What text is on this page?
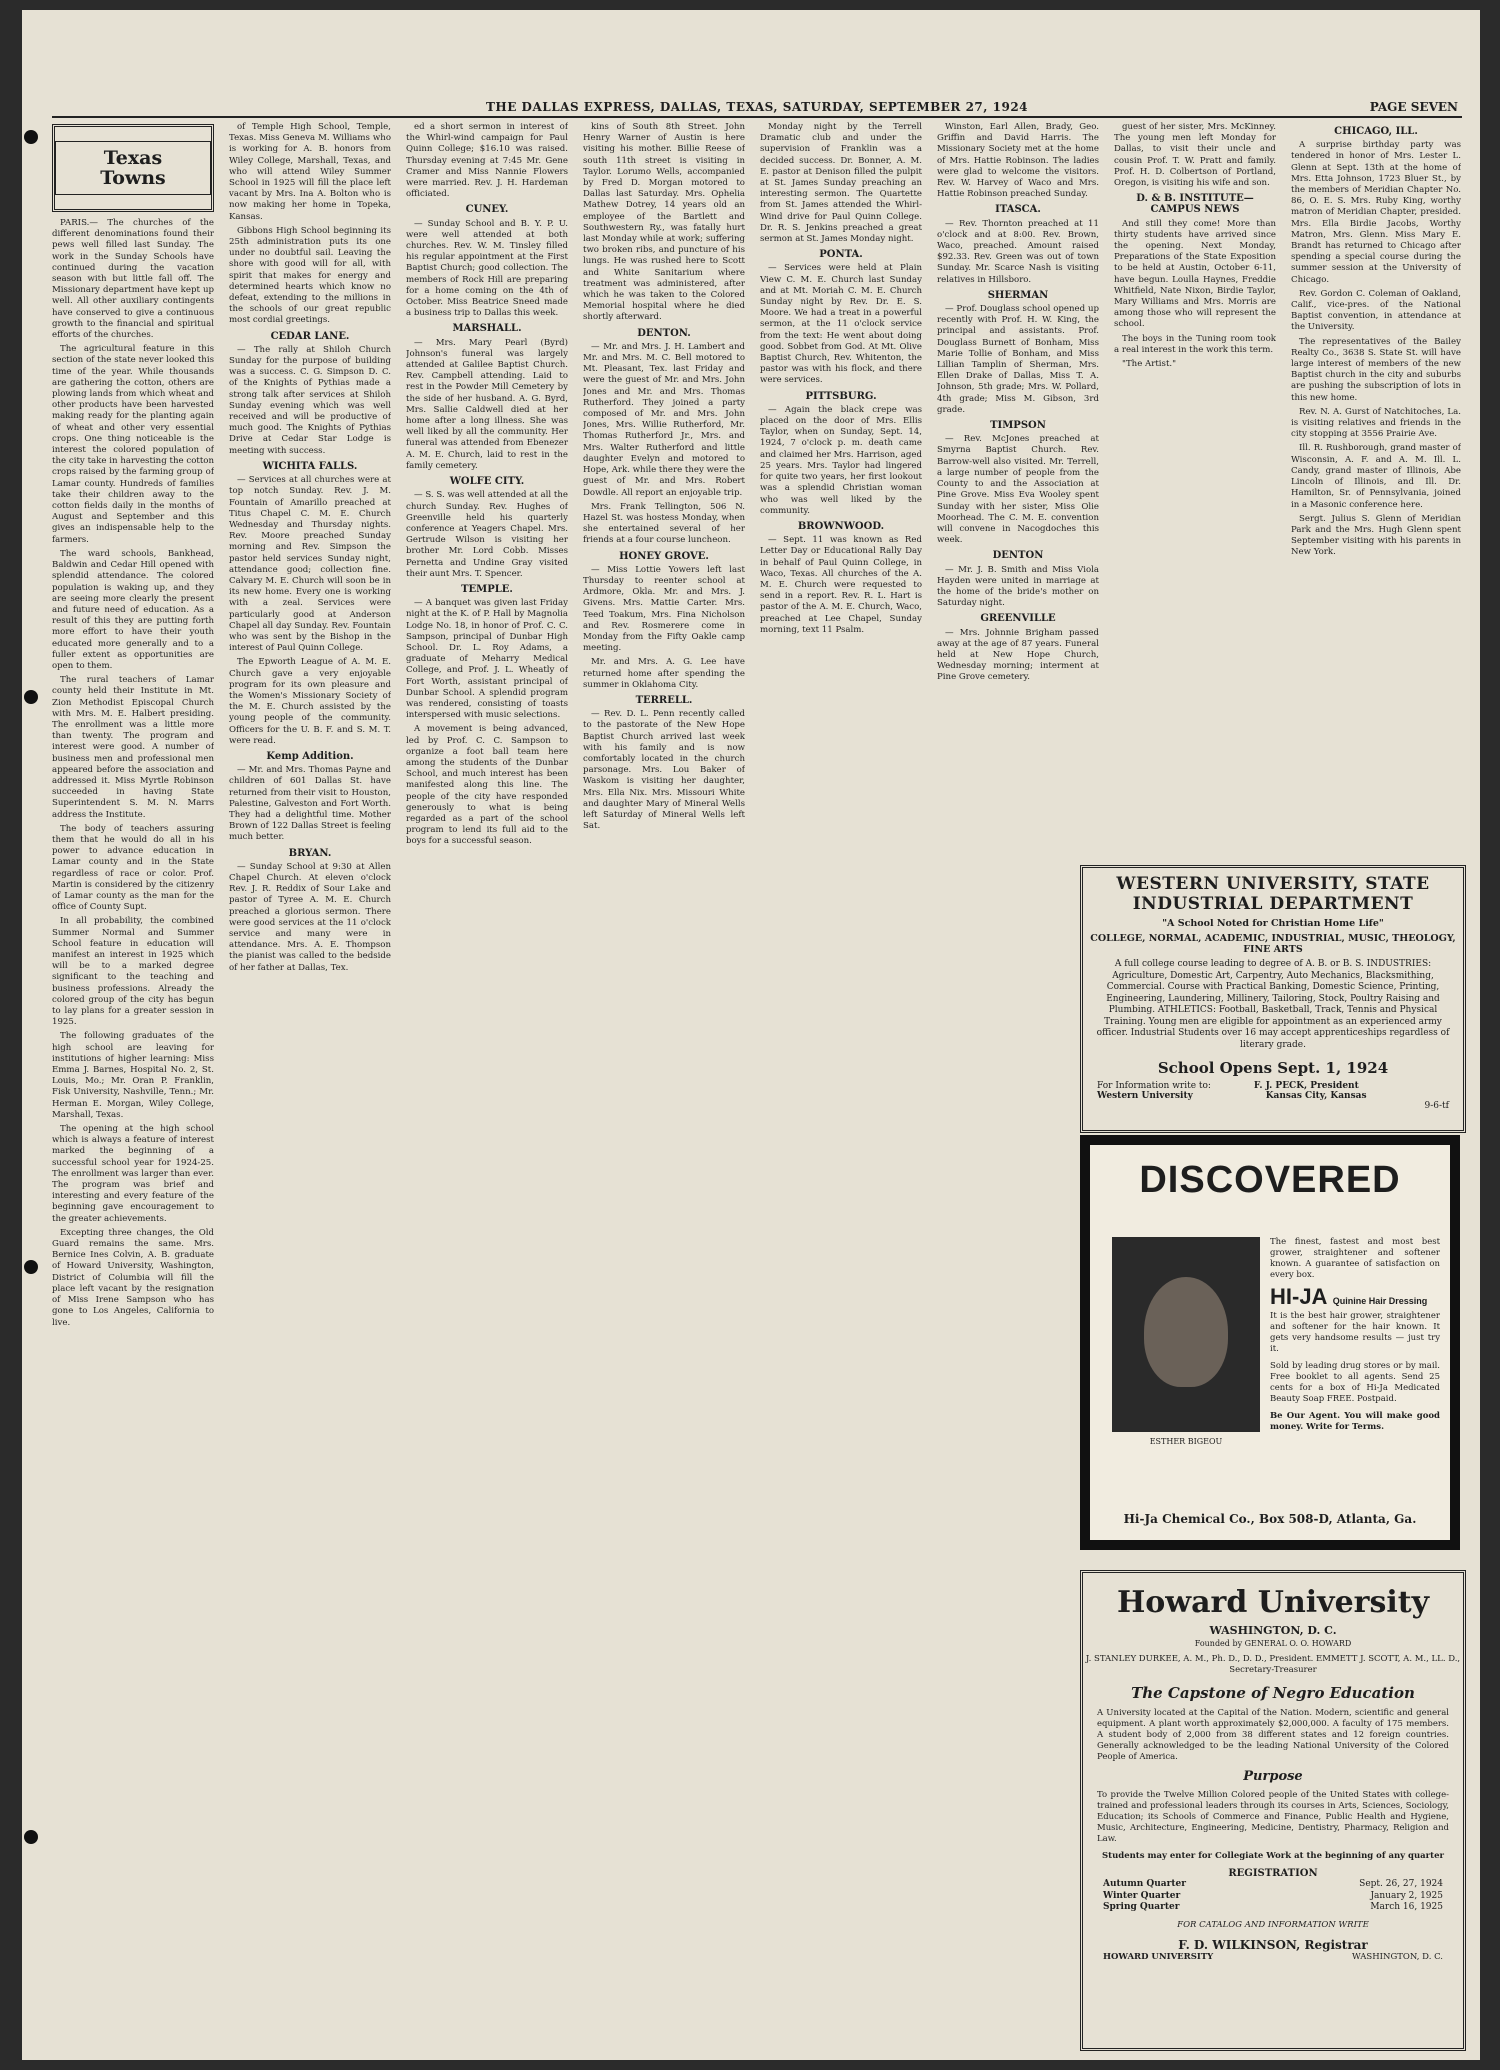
THE DALLAS EXPRESS, DALLAS, TEXAS, SATURDAY, SEPTEMBER 27, 1924	PAGE SEVEN
Texas Towns

PARIS.— The churches of the different denominations found their pews well filled last Sunday. The work in the Sunday Schools have continued during the vacation season with but little fall off. The Missionary department have kept up well. All other auxiliary contingents have conserved to give a continuous growth to the financial and spiritual efforts of the churches.

The agricultural feature in this section of the state never looked this time of the year. While thousands are gathering the cotton, others are plowing lands from which wheat and other products have been harvested making ready for the planting again of wheat and other very essential crops. One thing noticeable is the interest the colored population of the city take in harvesting the cotton crops raised by the farming group of Lamar county. Hundreds of families take their children away to the cotton fields daily in the months of August and September and this gives an indispensable help to the farmers.

The ward schools, Bankhead, Baldwin and Cedar Hill opened with splendid attendance. The colored population is waking up, and they are seeing more clearly the present and future need of education. As a result of this they are putting forth more effort to have their youth educated more generally and to a fuller extent as opportunities are open to them.

The rural teachers of Lamar county held their Institute in Mt. Zion Methodist Episcopal Church with Mrs. M. E. Halbert presiding. The enrollment was a little more than twenty. The program and interest were good. A number of business men and professional men appeared before the association and addressed it. Miss Myrtle Robinson succeeded in having State Superintendent S. M. N. Marrs address the Institute.

The body of teachers assuring them that he would do all in his power to advance education in Lamar county and in the State regardless of race or color. Prof. Martin is considered by the citizenry of Lamar county as the man for the office of County Supt.

In all probability, the combined Summer Normal and Summer School feature in education will manifest an interest in 1925 which will be to a marked degree significant to the teaching and business professions. Already the colored group of the city has begun to lay plans for a greater session in 1925.

The following graduates of the high school are leaving for institutions of higher learning: Miss Emma J. Barnes, Hospital No. 2, St. Louis, Mo.; Mr. Oran P. Franklin, Fisk University, Nashville, Tenn.; Mr. Herman E. Morgan, Wiley College, Marshall, Texas.

The opening at the high school which is always a feature of interest marked the beginning of a successful school year for 1924-25. The enrollment was larger than ever. The program was brief and interesting and every feature of the beginning gave encouragement to the greater achievements.

Excepting three changes, the Old Guard remains the same. Mrs. Bernice Ines Colvin, A. B. graduate of Howard University, Washington, District of Columbia will fill the place left vacant by the resignation of Miss Irene Sampson who has gone to Los Angeles, California to live.

of Temple High School, Temple, Texas. Miss Geneva M. Williams who is working for A. B. honors from Wiley College, Marshall, Texas, and who will attend Wiley Summer School in 1925 will fill the place left vacant by Mrs. Ina A. Bolton who is now making her home in Topeka, Kansas.

Gibbons High School beginning its 25th administration puts its one under no doubtful sail. Leaving the shore with good will for all, with spirit that makes for energy and determined hearts which know no defeat, extending to the millions in the schools of our great republic most cordial greetings.

CEDAR LANE.

— The rally at Shiloh Church Sunday for the purpose of building was a success. C. G. Simpson D. C. of the Knights of Pythias made a strong talk after services at Shiloh Sunday evening which was well received and will be productive of much good. The Knights of Pythias Drive at Cedar Star Lodge is meeting with success.

WICHITA FALLS.

— Services at all churches were at top notch Sunday. Rev. J. M. Fountain of Amarillo preached at Titus Chapel C. M. E. Church Wednesday and Thursday nights. Rev. Moore preached Sunday morning and Rev. Simpson the pastor held services Sunday night, attendance good; collection fine. Calvary M. E. Church will soon be in its new home. Every one is working with a zeal. Services were particularly good at Anderson Chapel all day Sunday. Rev. Fountain who was sent by the Bishop in the interest of Paul Quinn College.

The Epworth League of A. M. E. Church gave a very enjoyable program for its own pleasure and the Women's Missionary Society of the M. E. Church assisted by the young people of the community. Officers for the U. B. F. and S. M. T. were read.

Kemp Addition.

— Mr. and Mrs. Thomas Payne and children of 601 Dallas St. have returned from their visit to Houston, Palestine, Galveston and Fort Worth. They had a delightful time. Mother Brown of 122 Dallas Street is feeling much better.

BRYAN.

— Sunday School at 9:30 at Allen Chapel Church. At eleven o'clock Rev. J. R. Reddix of Sour Lake and pastor of Tyree A. M. E. Church preached a glorious sermon. There were good services at the 11 o'clock service and many were in attendance. Mrs. A. E. Thompson the pianist was called to the bedside of her father at Dallas, Tex.

ed a short sermon in interest of the Whirl-wind campaign for Paul Quinn College; $16.10 was raised. Thursday evening at 7:45 Mr. Gene Cramer and Miss Nannie Flowers were married. Rev. J. H. Hardeman officiated.

CUNEY.

— Sunday School and B. Y. P. U. were well attended at both churches. Rev. W. M. Tinsley filled his regular appointment at the First Baptist Church; good collection. The members of Rock Hill are preparing for a home coming on the 4th of October. Miss Beatrice Sneed made a business trip to Dallas this week.

MARSHALL.

— Mrs. Mary Pearl (Byrd) Johnson's funeral was largely attended at Galilee Baptist Church. Rev. Campbell attending. Laid to rest in the Powder Mill Cemetery by the side of her husband. A. G. Byrd, Mrs. Sallie Caldwell died at her home after a long illness. She was well liked by all the community. Her funeral was attended from Ebenezer A. M. E. Church, laid to rest in the family cemetery.

WOLFE CITY.

— S. S. was well attended at all the church Sunday. Rev. Hughes of Greenville held his quarterly conference at Yeagers Chapel. Mrs. Gertrude Wilson is visiting her brother Mr. Lord Cobb. Misses Pernetta and Undine Gray visited their aunt Mrs. T. Spencer.

TEMPLE.

— A banquet was given last Friday night at the K. of P. Hall by Magnolia Lodge No. 18, in honor of Prof. C. C. Sampson, principal of Dunbar High School. Dr. L. Roy Adams, a graduate of Meharry Medical College, and Prof. J. L. Wheatly of Fort Worth, assistant principal of Dunbar School. A splendid program was rendered, consisting of toasts interspersed with music selections.

A movement is being advanced, led by Prof. C. C. Sampson to organize a foot ball team here among the students of the Dunbar School, and much interest has been manifested along this line. The people of the city have responded generously to what is being regarded as a part of the school program to lend its full aid to the boys for a successful season.

kins of South 8th Street. John Henry Warner of Austin is here visiting his mother. Billie Reese of south 11th street is visiting in Taylor. Lorumo Wells, accompanied by Fred D. Morgan motored to Dallas last Saturday. Mrs. Ophelia Mathew Dotrey, 14 years old an employee of the Bartlett and Southwestern Ry., was fatally hurt last Monday while at work; suffering two broken ribs, and puncture of his lungs. He was rushed here to Scott and White Sanitarium where treatment was administered, after which he was taken to the Colored Memorial hospital where he died shortly afterward.

DENTON.

— Mr. and Mrs. J. H. Lambert and Mr. and Mrs. M. C. Bell motored to Mt. Pleasant, Tex. last Friday and were the guest of Mr. and Mrs. John Jones and Mr. and Mrs. Thomas Rutherford. They joined a party composed of Mr. and Mrs. John Jones, Mrs. Willie Rutherford, Mr. Thomas Rutherford Jr., Mrs. and Mrs. Walter Rutherford and little daughter Evelyn and motored to Hope, Ark. while there they were the guest of Mr. and Mrs. Robert Dowdle. All report an enjoyable trip.

Mrs. Frank Tellington, 506 N. Hazel St. was hostess Monday, when she entertained several of her friends at a four course luncheon.

HONEY GROVE.

— Miss Lottie Yowers left last Thursday to reenter school at Ardmore, Okla. Mr. and Mrs. J. Givens. Mrs. Mattie Carter. Mrs. Teed Toakum, Mrs. Fina Nicholson and Rev. Rosmerere come in Monday from the Fifty Oakle camp meeting.

Mr. and Mrs. A. G. Lee have returned home after spending the summer in Oklahoma City.

TERRELL.

— Rev. D. L. Penn recently called to the pastorate of the New Hope Baptist Church arrived last week with his family and is now comfortably located in the church parsonage. Mrs. Lou Baker of Waskom is visiting her daughter, Mrs. Ella Nix. Mrs. Missouri White and daughter Mary of Mineral Wells left Saturday of Mineral Wells left Sat.

Monday night by the Terrell Dramatic club and under the supervision of Franklin was a decided success. Dr. Bonner, A. M. E. pastor at Denison filled the pulpit at St. James Sunday preaching an interesting sermon. The Quartette from St. James attended the Whirl-Wind drive for Paul Quinn College. Dr. R. S. Jenkins preached a great sermon at St. James Monday night.

PONTA.

— Services were held at Plain View C. M. E. Church last Sunday and at Mt. Moriah C. M. E. Church Sunday night by Rev. Dr. E. S. Moore. We had a treat in a powerful sermon, at the 11 o'clock service from the text: He went about doing good. Sobbet from God. At Mt. Olive Baptist Church, Rev. Whitenton, the pastor was with his flock, and there were services.

PITTSBURG.

— Again the black crepe was placed on the door of Mrs. Ellis Taylor, when on Sunday, Sept. 14, 1924, 7 o'clock p. m. death came and claimed her Mrs. Harrison, aged 25 years. Mrs. Taylor had lingered for quite two years, her first lookout was a splendid Christian woman who was well liked by the community.

BROWNWOOD.

— Sept. 11 was known as Red Letter Day or Educational Rally Day in behalf of Paul Quinn College, in Waco, Texas. All churches of the A. M. E. Church were requested to send in a report. Rev. R. L. Hart is pastor of the A. M. E. Church, Waco, preached at Lee Chapel, Sunday morning, text 11 Psalm.

Winston, Earl Allen, Brady, Geo. Griffin and David Harris. The Missionary Society met at the home of Mrs. Hattie Robinson. The ladies were glad to welcome the visitors. Rev. W. Harvey of Waco and Mrs. Hattie Robinson preached Sunday.

ITASCA.

— Rev. Thornton preached at 11 o'clock and at 8:00. Rev. Brown, Waco, preached. Amount raised $92.33. Rev. Green was out of town Sunday. Mr. Scarce Nash is visiting relatives in Hillsboro.

SHERMAN

— Prof. Douglass school opened up recently with Prof. H. W. King, the principal and assistants. Prof. Douglass Burnett of Bonham, Miss Marie Tollie of Bonham, and Miss Lillian Tamplin of Sherman, Mrs. Ellen Drake of Dallas, Miss T. A. Johnson, 5th grade; Mrs. W. Pollard, 4th grade; Miss M. Gibson, 3rd grade.

TIMPSON

— Rev. McJones preached at Smyrna Baptist Church. Rev. Barrow-well also visited. Mr. Terrell, a large number of people from the County to and the Association at Pine Grove. Miss Eva Wooley spent Sunday with her sister, Miss Olie Moorhead. The C. M. E. convention will convene in Nacogdoches this week.

DENTON

— Mr. J. B. Smith and Miss Viola Hayden were united in marriage at the home of the bride's mother on Saturday night.

GREENVILLE

— Mrs. Johnnie Brigham passed away at the age of 87 years. Funeral held at New Hope Church, Wednesday morning; interment at Pine Grove cemetery.

guest of her sister, Mrs. McKinney. The young men left Monday for Dallas, to visit their uncle and cousin Prof. T. W. Pratt and family. Prof. H. D. Colbertson of Portland, Oregon, is visiting his wife and son.

D. & B. INSTITUTE—CAMPUS NEWS

And still they come! More than thirty students have arrived since the opening. Next Monday, Preparations of the State Exposition to be held at Austin, October 6-11, have begun. Loulla Haynes, Freddie Whitfield, Nate Nixon, Birdie Taylor, Mary Williams and Mrs. Morris are among those who will represent the school.

The boys in the Tuning room took a real interest in the work this term.

"The Artist."

CHICAGO, ILL.

A surprise birthday party was tendered in honor of Mrs. Lester L. Glenn at Sept. 13th at the home of Mrs. Etta Johnson, 1723 Bluer St., by the members of Meridian Chapter No. 86, O. E. S. Mrs. Ruby King, worthy matron of Meridian Chapter, presided. Mrs. Ella Birdie Jacobs, Worthy Matron, Mrs. Glenn. Miss Mary E. Brandt has returned to Chicago after spending a special course during the summer session at the University of Chicago.

Rev. Gordon C. Coleman of Oakland, Calif., vice-pres. of the National Baptist convention, in attendance at the University.

The representatives of the Bailey Realty Co., 3638 S. State St. will have large interest of members of the new Baptist church in the city and suburbs are pushing the subscription of lots in this new home.

Rev. N. A. Gurst of Natchitoches, La. is visiting relatives and friends in the city stopping at 3556 Prairie Ave.

Ill. R. Rushborough, grand master of Wisconsin, A. F. and A. M. Ill. L. Candy, grand master of Illinois, Abe Lincoln of Illinois, and Ill. Dr. Hamilton, Sr. of Pennsylvania, joined in a Masonic conference here.

Sergt. Julius S. Glenn of Meridian Park and the Mrs. Hugh Glenn spent September visiting with his parents in New York.

WESTERN UNIVERSITY, STATE INDUSTRIAL DEPARTMENT
"A School Noted for Christian Home Life"
COLLEGE, NORMAL, ACADEMIC, INDUSTRIAL, MUSIC, THEOLOGY, FINE ARTS
A full college course leading to degree of A. B. or B. S. INDUSTRIES: Agriculture, Domestic Art, Carpentry, Auto Mechanics, Blacksmithing, Commercial. Course with Practical Banking, Domestic Science, Printing, Engineering, Laundering, Millinery, Tailoring, Stock, Poultry Raising and Plumbing. ATHLETICS: Football, Basketball, Track, Tennis and Physical Training. Young men are eligible for appointment as an experienced army officer. Industrial Students over 16 may accept apprenticeships regardless of literary grade.
School Opens Sept. 1, 1924
For Information write to:	F. J. PECK, President
Western University	Kansas City, Kansas

9-6-tf
DISCOVERED
ESTHER BIGEOU
The finest, fastest and most best grower, straightener and softener known. A guarantee of satisfaction on every box.
HI-JA Quinine Hair Dressing
It is the best hair grower, straightener and softener for the hair known. It gets very handsome results — just try it.
Sold by leading drug stores or by mail. Free booklet to all agents. Send 25 cents for a box of Hi-Ja Medicated Beauty Soap FREE. Postpaid.
Be Our Agent. You will make good money. Write for Terms.
Hi-Ja Chemical Co., Box 508-D, Atlanta, Ga.
Howard University
WASHINGTON, D. C.
Founded by GENERAL O. O. HOWARD
J. STANLEY DURKEE, A. M., Ph. D., D. D., President. EMMETT J. SCOTT, A. M., LL. D., Secretary-Treasurer
The Capstone of Negro Education
A University located at the Capital of the Nation. Modern, scientific and general equipment. A plant worth approximately $2,000,000. A faculty of 175 members. A student body of 2,000 from 38 different states and 12 foreign countries. Generally acknowledged to be the leading National University of the Colored People of America.
Purpose
To provide the Twelve Million Colored people of the United States with college-trained and professional leaders through its courses in Arts, Sciences, Sociology, Education; its Schools of Commerce and Finance, Public Health and Hygiene, Music, Architecture, Engineering, Medicine, Dentistry, Pharmacy, Religion and Law.
Students may enter for Collegiate Work at the beginning of any quarter
REGISTRATION
Autumn Quarter	Sept. 26, 27, 1924
Winter Quarter	January 2, 1925
Spring Quarter	March 16, 1925
FOR CATALOG AND INFORMATION WRITE
F. D. WILKINSON, Registrar
HOWARD UNIVERSITY	WASHINGTON, D. C.
